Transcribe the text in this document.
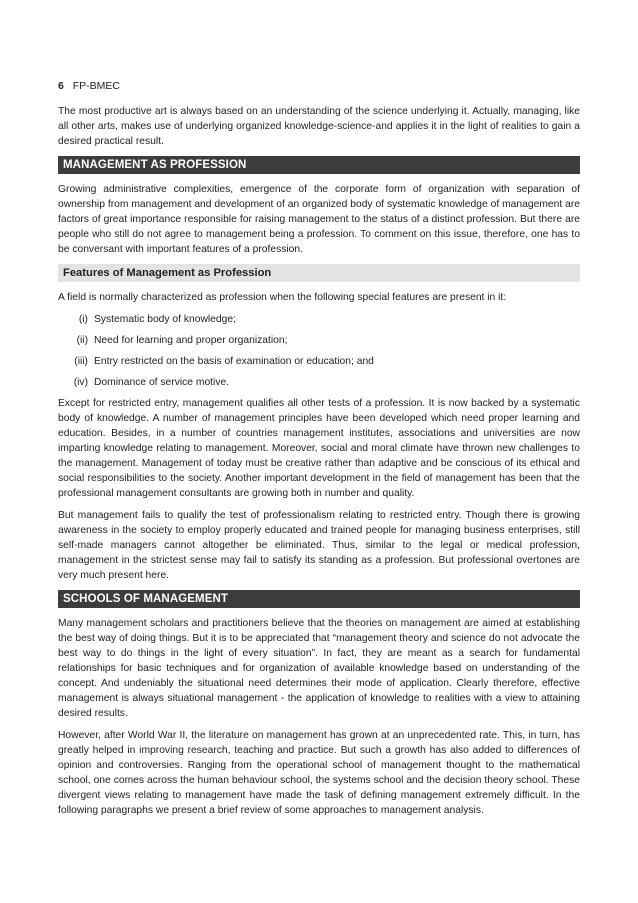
6 FP-BMEC

The most productive art is always based on an understanding of the science underlying it. Actually, managing, like all other arts, makes use of underlying organized knowledge-science-and applies it in the light of realities to gain a desired practical result.

MANAGEMENT AS PROFESSION

Growing administrative complexities, emergence of the corporate form of organization with separation of ownership from management and development of an organized body of systematic knowledge of management are factors of great importance responsible for raising management to the status of a distinct profession. But there are people who still do not agree to management being a profession. To comment on this issue, therefore, one has to be conversant with important features of a profession.

Features of Management as Profession

A field is normally characterized as profession when the following special features are present in it:

(i) Systematic body of knowledge;
(ii) Need for learning and proper organization;
(iii) Entry restricted on the basis of examination or education; and
(iv) Dominance of service motive.

Except for restricted entry, management qualifies all other tests of a profession. It is now backed by a systematic body of knowledge. A number of management principles have been developed which need proper learning and education. Besides, in a number of countries management institutes, associations and universities are now imparting knowledge relating to management. Moreover, social and moral climate have thrown new challenges to the management. Management of today must be creative rather than adaptive and be conscious of its ethical and social responsibilities to the society. Another important development in the field of management has been that the professional management consultants are growing both in number and quality.

But management fails to qualify the test of professionalism relating to restricted entry. Though there is growing awareness in the society to employ properly educated and trained people for managing business enterprises, still self-made managers cannot altogether be eliminated. Thus, similar to the legal or medical profession, management in the strictest sense may fail to satisfy its standing as a profession. But professional overtones are very much present here.

SCHOOLS OF MANAGEMENT

Many management scholars and practitioners believe that the theories on management are aimed at establishing the best way of doing things. But it is to be appreciated that “management theory and science do not advocate the best way to do things in the light of every situation”. In fact, they are meant as a search for fundamental relationships for basic techniques and for organization of available knowledge based on understanding of the concept. And undeniably the situational need determines their mode of application. Clearly therefore, effective management is always situational management - the application of knowledge to realities with a view to attaining desired results.

However, after World War II, the literature on management has grown at an unprecedented rate. This, in turn, has greatly helped in improving research, teaching and practice. But such a growth has also added to differences of opinion and controversies. Ranging from the operational school of management thought to the mathematical school, one comes across the human behaviour school, the systems school and the decision theory school. These divergent views relating to management have made the task of defining management extremely difficult. In the following paragraphs we present a brief review of some approaches to management analysis.
